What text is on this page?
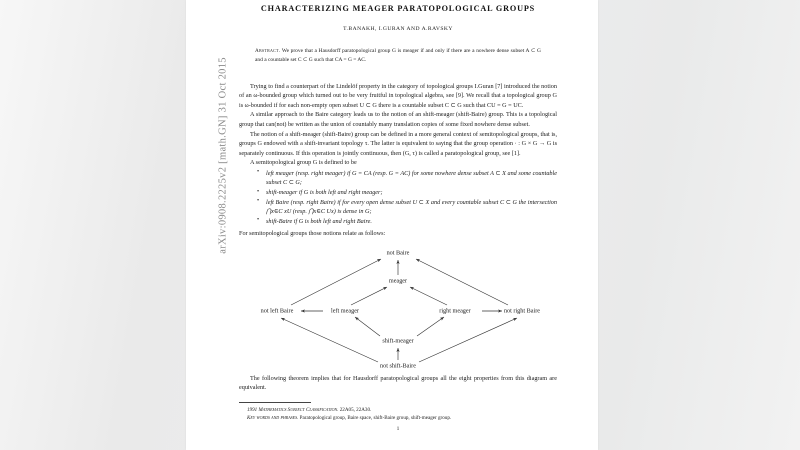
arXiv:0908.2225v2 [math.GN] 31 Oct 2015
CHARACTERIZING MEAGER PARATOPOLOGICAL GROUPS
T.BANAKH, I.GURAN AND A.RAVSKY
Abstract. We prove that a Hausdorff paratopological group G is meager if and only if there are a nowhere dense subset A ⊂ G and a countable set C ⊂ G such that CA = G = AC.

Trying to find a counterpart of the Lindelöf property in the category of topological groups I.Guran [7] introduced the notion of an ω-bounded group which turned out to be very fruitful in topological algebra, see [9]. We recall that a topological group G is ω-bounded if for each non-empty open subset U ⊂ G there is a countable subset C ⊂ G such that CU = G = UC.

A similar approach to the Baire category leads us to the notion of an shift-meager (shift-Baire) group. This is a topological group that can(not) be written as the union of countably many translation copies of some fixed nowhere dense subset.

The notion of a shift-meager (shift-Baire) group can be defined in a more general context of semitopological groups, that is, groups G endowed with a shift-invariant topology τ. The latter is equivalent to saying that the group operation · : G × G → G is separately continuous. If this operation is jointly continuous, then (G, τ) is called a paratopological group, see [1].

A semitopological group G is defined to be

• left meager (resp. right meager) if G = CA (resp. G = AC) for some nowhere dense subset A ⊂ X and some countable subset C ⊂ G;
• shift-meager if G is both left and right meager;
• left Baire (resp. right Baire) if for every open dense subset U ⊂ X and every countable subset C ⊂ G the intersection ⋂x∈C xU (resp. ⋂x∈C Ux) is dense in G;
• shift-Baire if G is both left and right Baire.

For semitopological groups those notions relate as follows:

not Baire
meager
not left Baire	left meager	right meager	not right Baire
shift-meager
not shift-Baire

The following theorem implies that for Hausdorff paratopological groups all the eight properties from this diagram are equivalent.

1991 Mathematics Subject Classification. 22A05, 22A30.
Key words and phrases. Paratopological group, Baire space, shift-Baire group, shift-meager group.
1
